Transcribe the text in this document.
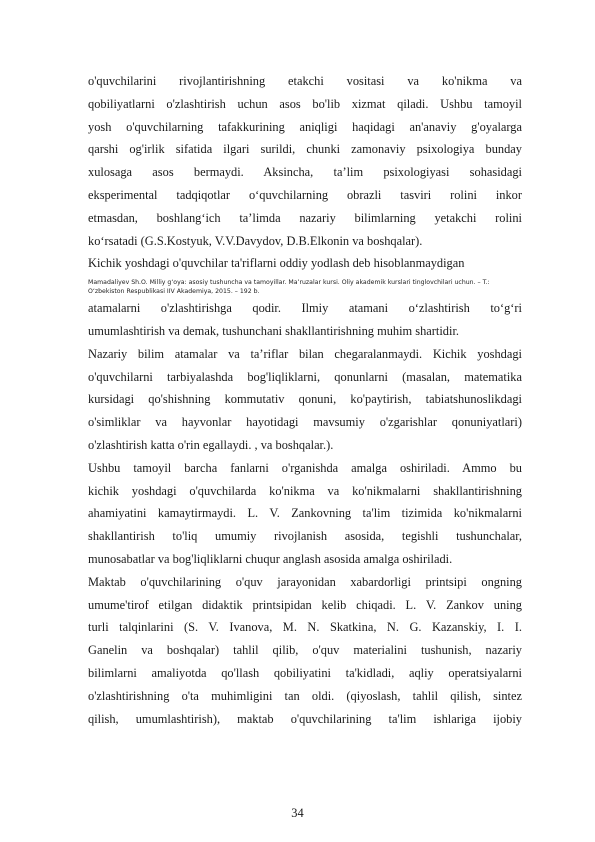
o'quvchilarini rivojlantirishning etakchi vositasi va ko'nikma va
qobiliyatlarni o'zlashtirish uchun asos bo'lib xizmat qiladi. Ushbu tamoyil
yosh o'quvchilarning tafakkurining aniqligi haqidagi an'anaviy g'oyalarga
qarshi og'irlik sifatida ilgari surildi, chunki zamonaviy psixologiya bunday
xulosaga asos bermaydi. Aksincha, ta’lim psixologiyasi sohasidagi
eksperimental tadqiqotlar o‘quvchilarning obrazli tasviri rolini inkor
etmasdan, boshlang‘ich ta’limda nazariy bilimlarning yetakchi rolini
ko‘rsatadi (G.S.Kostyuk, V.V.Davydov, D.B.Elkonin va boshqalar).
Kichik yoshdagi o'quvchilar ta'riflarni oddiy yodlash deb hisoblanmaydigan
Mamadaliyev Sh.O. Milliy g‘oya: asosiy tushuncha va tamoyillar. Ma’ruzalar kursi. Oliy akademik kurslari tinglovchilari uchun. – T.:
O‘zbekiston Respublikasi IIV Akademiya, 2015. – 192 b.
atamalarni o'zlashtirishga qodir. Ilmiy atamani o‘zlashtirish to‘g‘ri
umumlashtirish va demak, tushunchani shakllantirishning muhim shartidir.
Nazariy bilim atamalar va ta’riflar bilan chegaralanmaydi. Kichik yoshdagi
o'quvchilarni tarbiyalashda bog'liqliklarni, qonunlarni (masalan, matematika
kursidagi qo'shishning kommutativ qonuni, ko'paytirish, tabiatshunoslikdagi
o'simliklar va hayvonlar hayotidagi mavsumiy o'zgarishlar qonuniyatlari)
o'zlashtirish katta o'rin egallaydi. , va boshqalar.).
Ushbu tamoyil barcha fanlarni o'rganishda amalga oshiriladi. Ammo bu
kichik yoshdagi o'quvchilarda ko'nikma va ko'nikmalarni shakllantirishning
ahamiyatini kamaytirmaydi. L. V. Zankovning ta'lim tizimida ko'nikmalarni
shakllantirish to'liq umumiy rivojlanish asosida, tegishli tushunchalar,
munosabatlar va bog'liqliklarni chuqur anglash asosida amalga oshiriladi.
Maktab o'quvchilarining o'quv jarayonidan xabardorligi printsipi ongning
umume'tirof etilgan didaktik printsipidan kelib chiqadi. L. V. Zankov uning
turli talqinlarini (S. V. Ivanova, M. N. Skatkina, N. G. Kazanskiy, I. I.
Ganelin va boshqalar) tahlil qilib, o'quv materialini tushunish, nazariy
bilimlarni amaliyotda qo'llash qobiliyatini ta'kidladi, aqliy operatsiyalarni
o'zlashtirishning o'ta muhimligini tan oldi. (qiyoslash, tahlil qilish, sintez
qilish, umumlashtirish), maktab o'quvchilarining ta'lim ishlariga ijobiy
34
